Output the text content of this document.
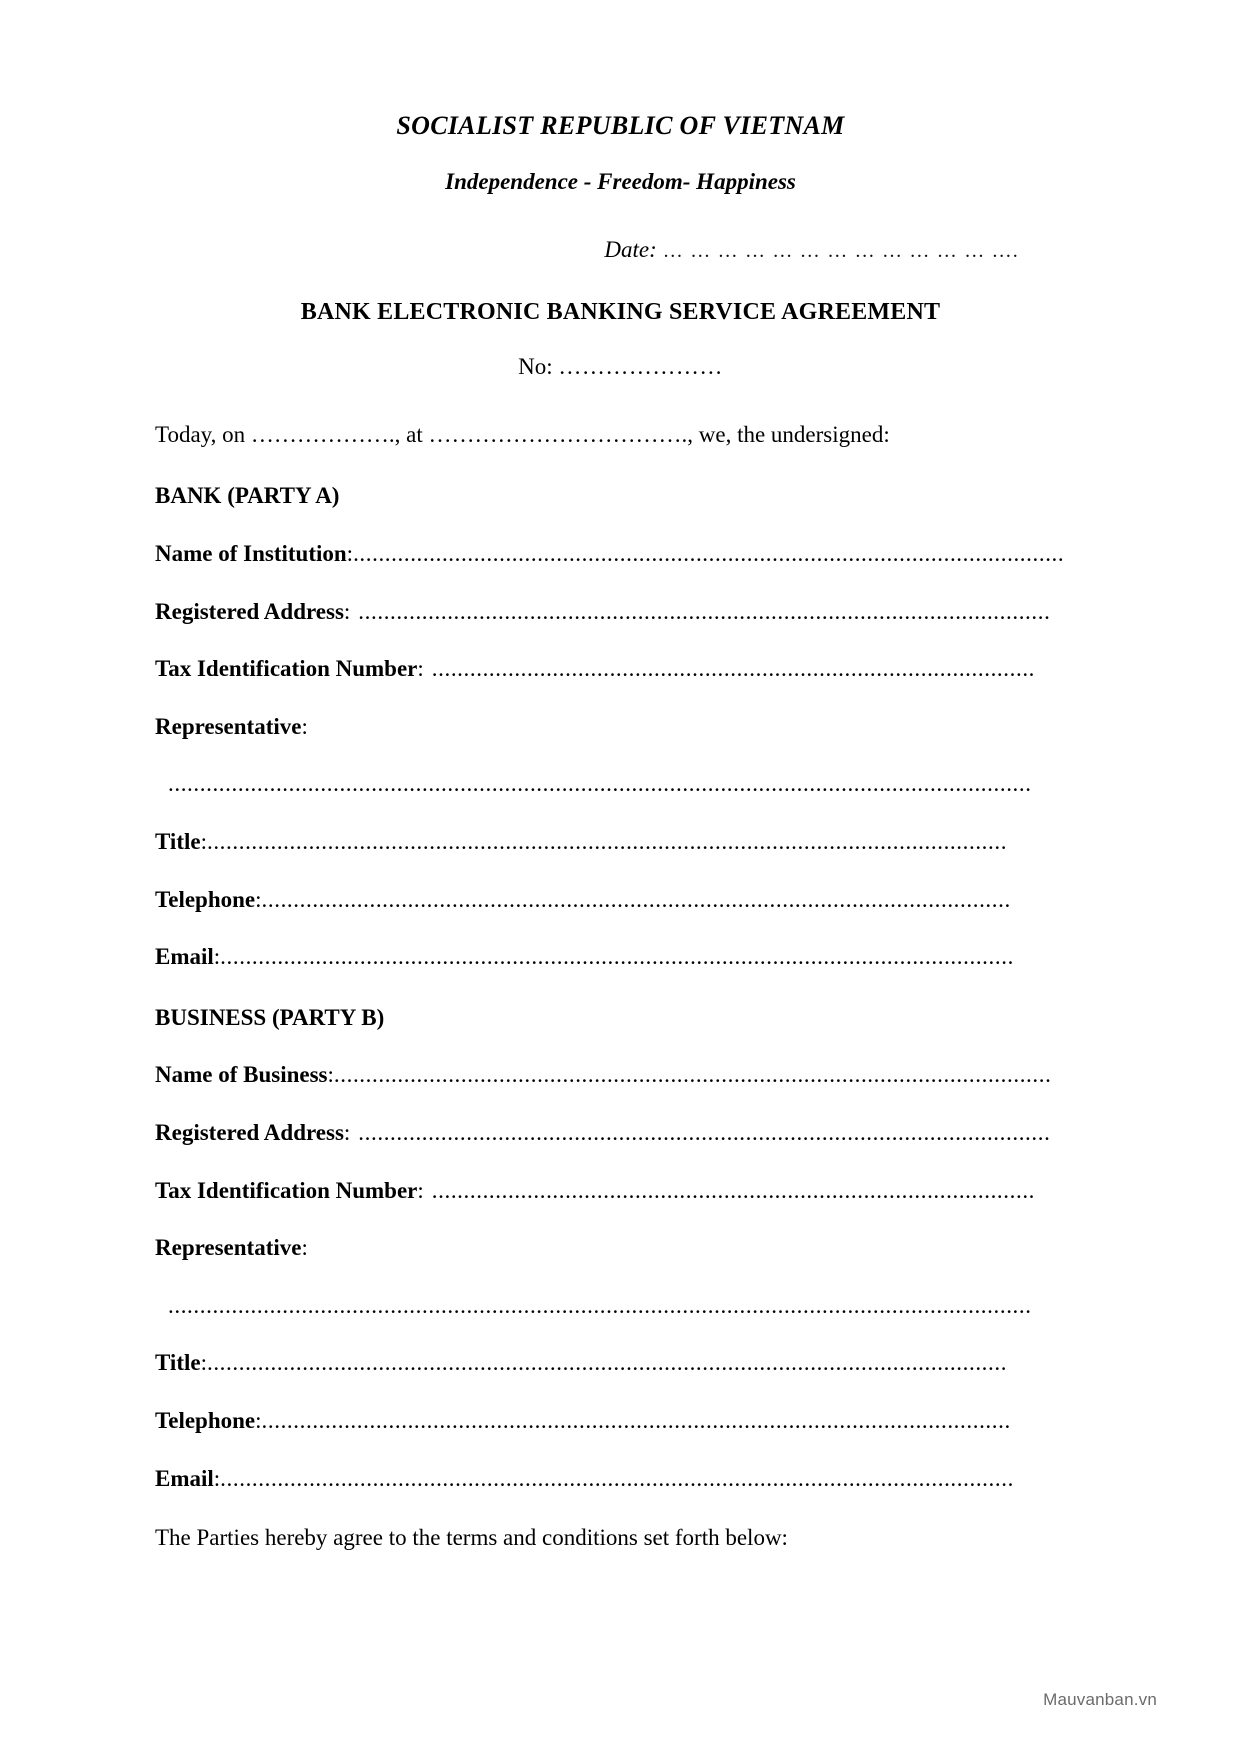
SOCIALIST REPUBLIC OF VIETNAM
Independence - Freedom- Happiness
Date: … … … … … … … … … … … … ….
BANK ELECTRONIC BANKING SERVICE AGREEMENT
No: …………………

Today, on ………………., at ……………………………., we, the undersigned:

BANK (PARTY A)
Name of Institution : ................................................................................................................
Registered Address : .............................................................................................................
Tax Identification Number : ...............................................................................................
Representative :
........................................................................................................................................
Title : ..............................................................................................................................
Telephone : ......................................................................................................................
Email : .............................................................................................................................
BUSINESS (PARTY B)
Name of Business : .................................................................................................................
Registered Address : .............................................................................................................
Tax Identification Number : ...............................................................................................
Representative :
........................................................................................................................................
Title : ..............................................................................................................................
Telephone : ......................................................................................................................
Email : .............................................................................................................................

The Parties hereby agree to the terms and conditions set forth below:

Mauvanban.vn
